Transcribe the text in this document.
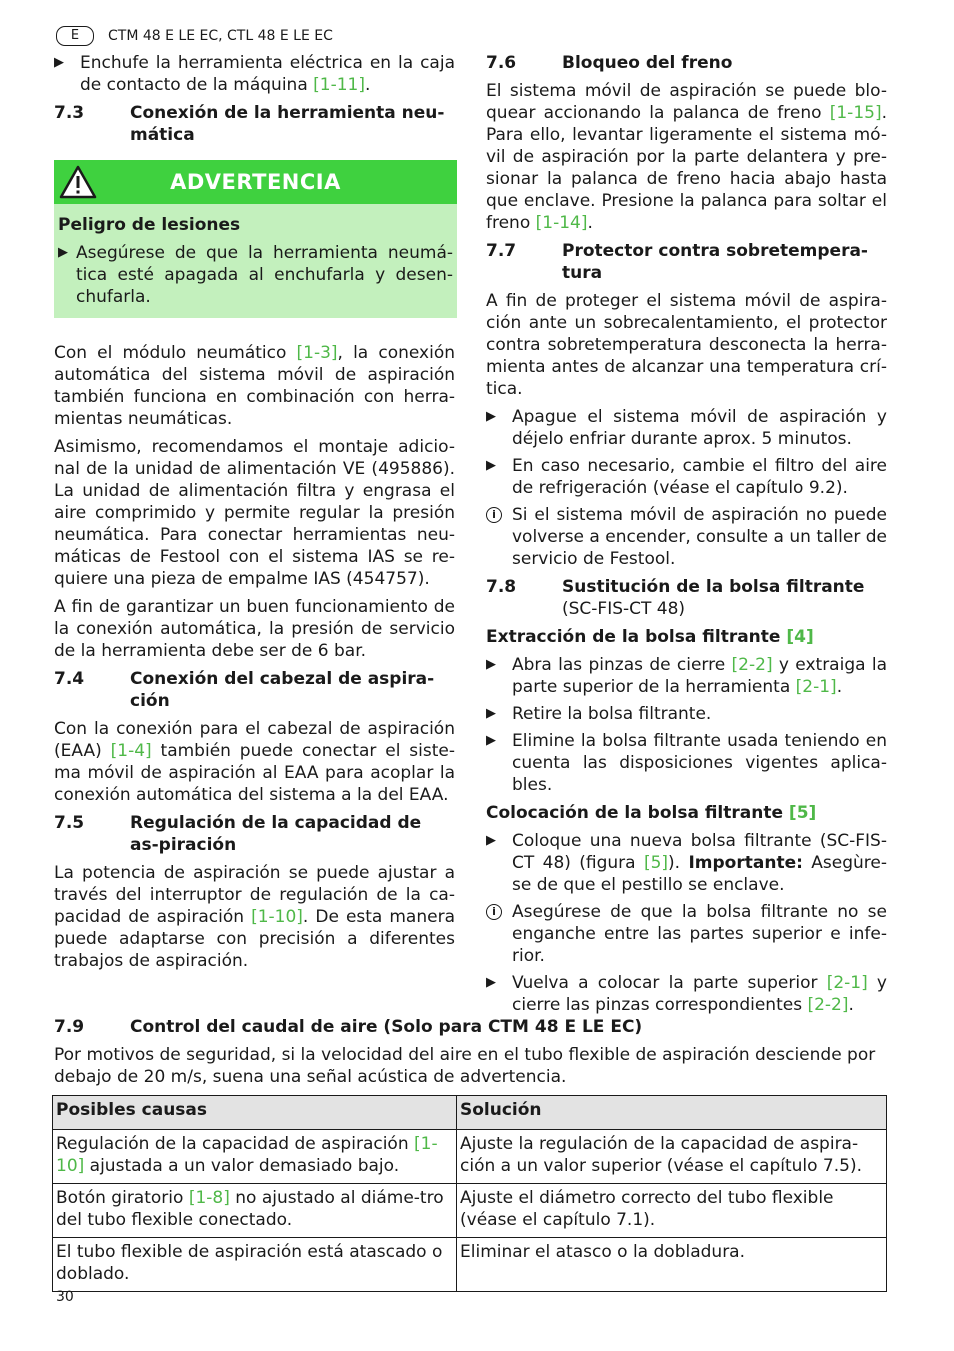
E	CTM 48 E LE EC, CTL 48 E LE EC
▶ Enchufe la herramienta eléctrica en la caja de contacto de la máquina [1-11].
7.3	Conexión de la herramienta neu-mática
ADVERTENCIA
Peligro de lesiones
▶ Asegúrese de que la herramienta neumá-tica esté apagada al enchufarla y desen-chufarla.

Con el módulo neumático [1-3], la conexión automática del sistema móvil de aspiración también funciona en combinación con herra-mientas neumáticas.

Asimismo, recomendamos el montaje adicio-nal de la unidad de alimentación VE (495886). La unidad de alimentación filtra y engrasa el aire comprimido y permite regular la presión neumática. Para conectar herramientas neu-máticas de Festool con el sistema IAS se re-quiere una pieza de empalme IAS (454757).

A fin de garantizar un buen funcionamiento de la conexión automática, la presión de servicio de la herramienta debe ser de 6 bar.

7.4	Conexión del cabezal de aspira-ción

Con la conexión para el cabezal de aspiración (EAA) [1-4] también puede conectar el siste-ma móvil de aspiración al EAA para acoplar la conexión automática del sistema a la del EAA.

7.5	Regulación de la capacidad de as-piración

La potencia de aspiración se puede ajustar a través del interruptor de regulación de la ca-pacidad de aspiración [1-10]. De esta manera puede adaptarse con precisión a diferentes trabajos de aspiración.

7.6	Bloqueo del freno

El sistema móvil de aspiración se puede blo-quear accionando la palanca de freno [1-15]. Para ello, levantar ligeramente el sistema mó-vil de aspiración por la parte delantera y pre-sionar la palanca de freno hacia abajo hasta que enclave. Presione la palanca para soltar el freno [1-14].

7.7	Protector contra sobretempera-tura

A fin de proteger el sistema móvil de aspira-ción ante un sobrecalentamiento, el protector contra sobretemperatura desconecta la herra-mienta antes de alcanzar una temperatura crí-tica.

▶ Apague el sistema móvil de aspiración y déjelo enfriar durante aprox. 5 minutos.
▶ En caso necesario, cambie el filtro del aire de refrigeración (véase el capítulo 9.2).
i Si el sistema móvil de aspiración no puede volverse a encender, consulte a un taller de servicio de Festool.
7.8	Sustitución de la bolsa filtrante
(SC-FIS-CT 48)
Extracción de la bolsa filtrante [4]
▶ Abra las pinzas de cierre [2-2] y extraiga la parte superior de la herramienta [2-1].
▶ Retire la bolsa filtrante.
▶ Elimine la bolsa filtrante usada teniendo en cuenta las disposiciones vigentes aplica-bles.
Colocación de la bolsa filtrante [5]
▶ Coloque una nueva bolsa filtrante (SC-FIS-CT 48) (figura [5]). Importante: Asegùre-se de que el pestillo se enclave.
i Asegúrese de que la bolsa filtrante no se enganche entre las partes superior e infe-rior.
▶ Vuelva a colocar la parte superior [2-1] y cierre las pinzas correspondientes [2-2].
7.9	Control del caudal de aire (Solo para CTM 48 E LE EC)

Por motivos de seguridad, si la velocidad del aire en el tubo flexible de aspiración desciende por debajo de 20 m/s, suena una señal acústica de advertencia.

Posibles causas	Solución
Regulación de la capacidad de aspiración [1-10] ajustada a un valor demasiado bajo.	Ajuste la regulación de la capacidad de aspira-ción a un valor superior (véase el capítulo 7.5).
Botón giratorio [1-8] no ajustado al diáme-tro del tubo flexible conectado.	Ajuste el diámetro correcto del tubo flexible (véase el capítulo 7.1).
El tubo flexible de aspiración está atascado o doblado.	Eliminar el atasco o la dobladura.
30
